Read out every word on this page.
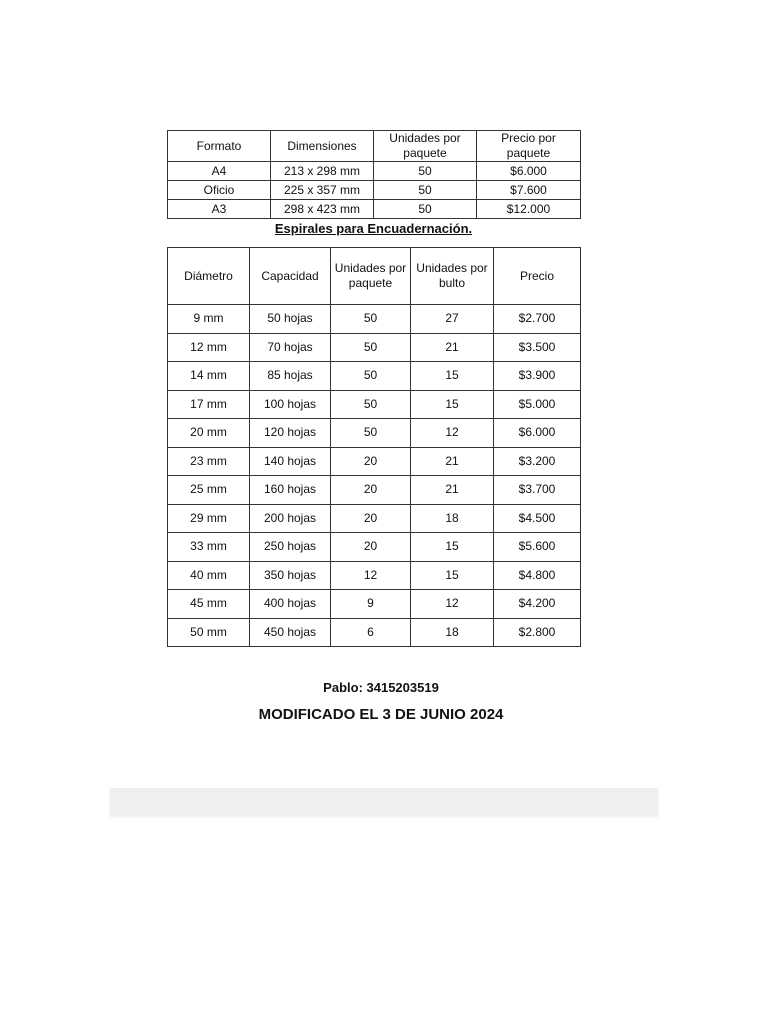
Formato	Dimensiones	Unidades por paquete	Precio por paquete
A4	213 x 298 mm	50	$6.000
Oficio	225 x 357 mm	50	$7.600
A3	298 x 423 mm	50	$12.000
Espirales para Encuadernación.
Diámetro	Capacidad	Unidades por paquete	Unidades por bulto	Precio
9 mm	50 hojas	50	27	$2.700
12 mm	70 hojas	50	21	$3.500
14 mm	85 hojas	50	15	$3.900
17 mm	100 hojas	50	15	$5.000
20 mm	120 hojas	50	12	$6.000
23 mm	140 hojas	20	21	$3.200
25 mm	160 hojas	20	21	$3.700
29 mm	200 hojas	20	18	$4.500
33 mm	250 hojas	20	15	$5.600
40 mm	350 hojas	12	15	$4.800
45 mm	400 hojas	9	12	$4.200
50 mm	450 hojas	6	18	$2.800
Pablo: 3415203519
MODIFICADO EL 3 DE JUNIO 2024
